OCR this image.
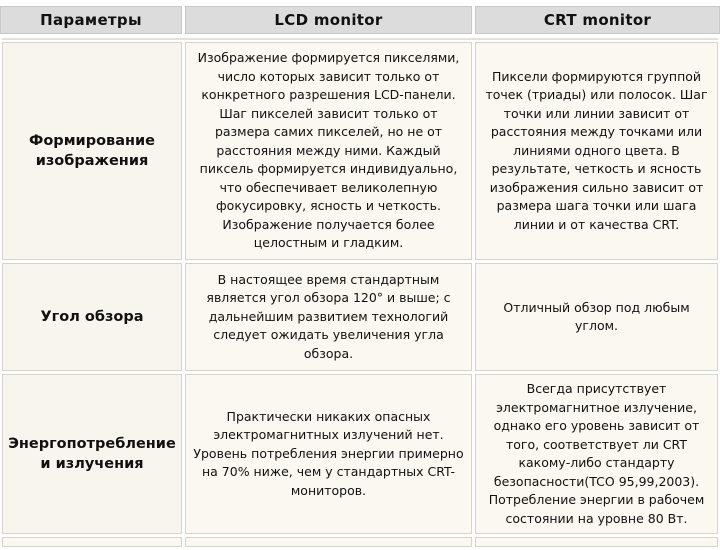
Параметры	LCD monitor	CRT monitor
Формирование изображения
Изображение формируется пикселями, число которых зависит только от конкретного разрешения LCD-панели. Шаг пикселей зависит только от размера самих пикселей, но не от расстояния между ними. Каждый пиксель формируется индивидуально, что обеспечивает великолепную фокусировку, ясность и четкость. Изображение получается более целостным и гладким.
Пиксели формируются группой точек (триады) или полосок. Шаг точки или линии зависит от расстояния между точками или линиями одного цвета. В результате, четкость и ясность изображения сильно зависит от размера шага точки или шага линии и от качества CRT.
Угол обзора
В настоящее время стандартным является угол обзора 120° и выше; с дальнейшим развитием технологий следует ожидать увеличения угла обзора.
Отличный обзор под любым углом.
Энергопотребление и излучения
Практически никаких опасных электромагнитных излучений нет. Уровень потребления энергии примерно на 70% ниже, чем у стандартных CRT-мониторов.
Всегда присутствует электромагнитное излучение, однако его уровень зависит от того, соответствует ли CRT какому-либо стандарту безопасности(TCO 95,99,2003). Потребление энергии в рабочем состоянии на уровне 80 Вт.
